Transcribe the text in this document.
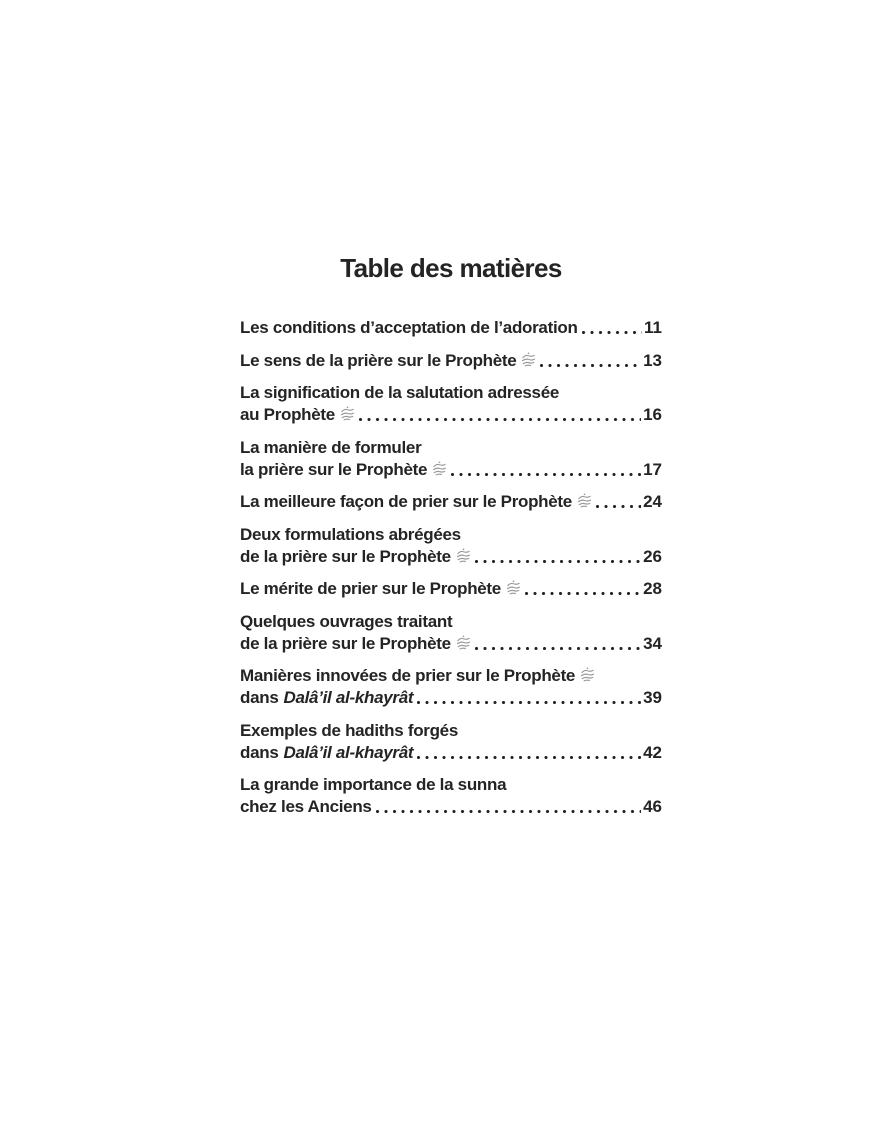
Table des matières
Les conditions d’acceptation de l’adoration	11
Le sens de la prière sur le Prophète	13
La signification de la salutation adressée
au Prophète	16
La manière de formuler
la prière sur le Prophète	17
La meilleure façon de prier sur le Prophète	24
Deux formulations abrégées
de la prière sur le Prophète	26
Le mérite de prier sur le Prophète	28
Quelques ouvrages traitant
de la prière sur le Prophète	34
Manières innovées de prier sur le Prophète
dans Dalâ’il al-khayrât	39
Exemples de hadiths forgés
dans Dalâ’il al-khayrât	42
La grande importance de la sunna
chez les Anciens	46
